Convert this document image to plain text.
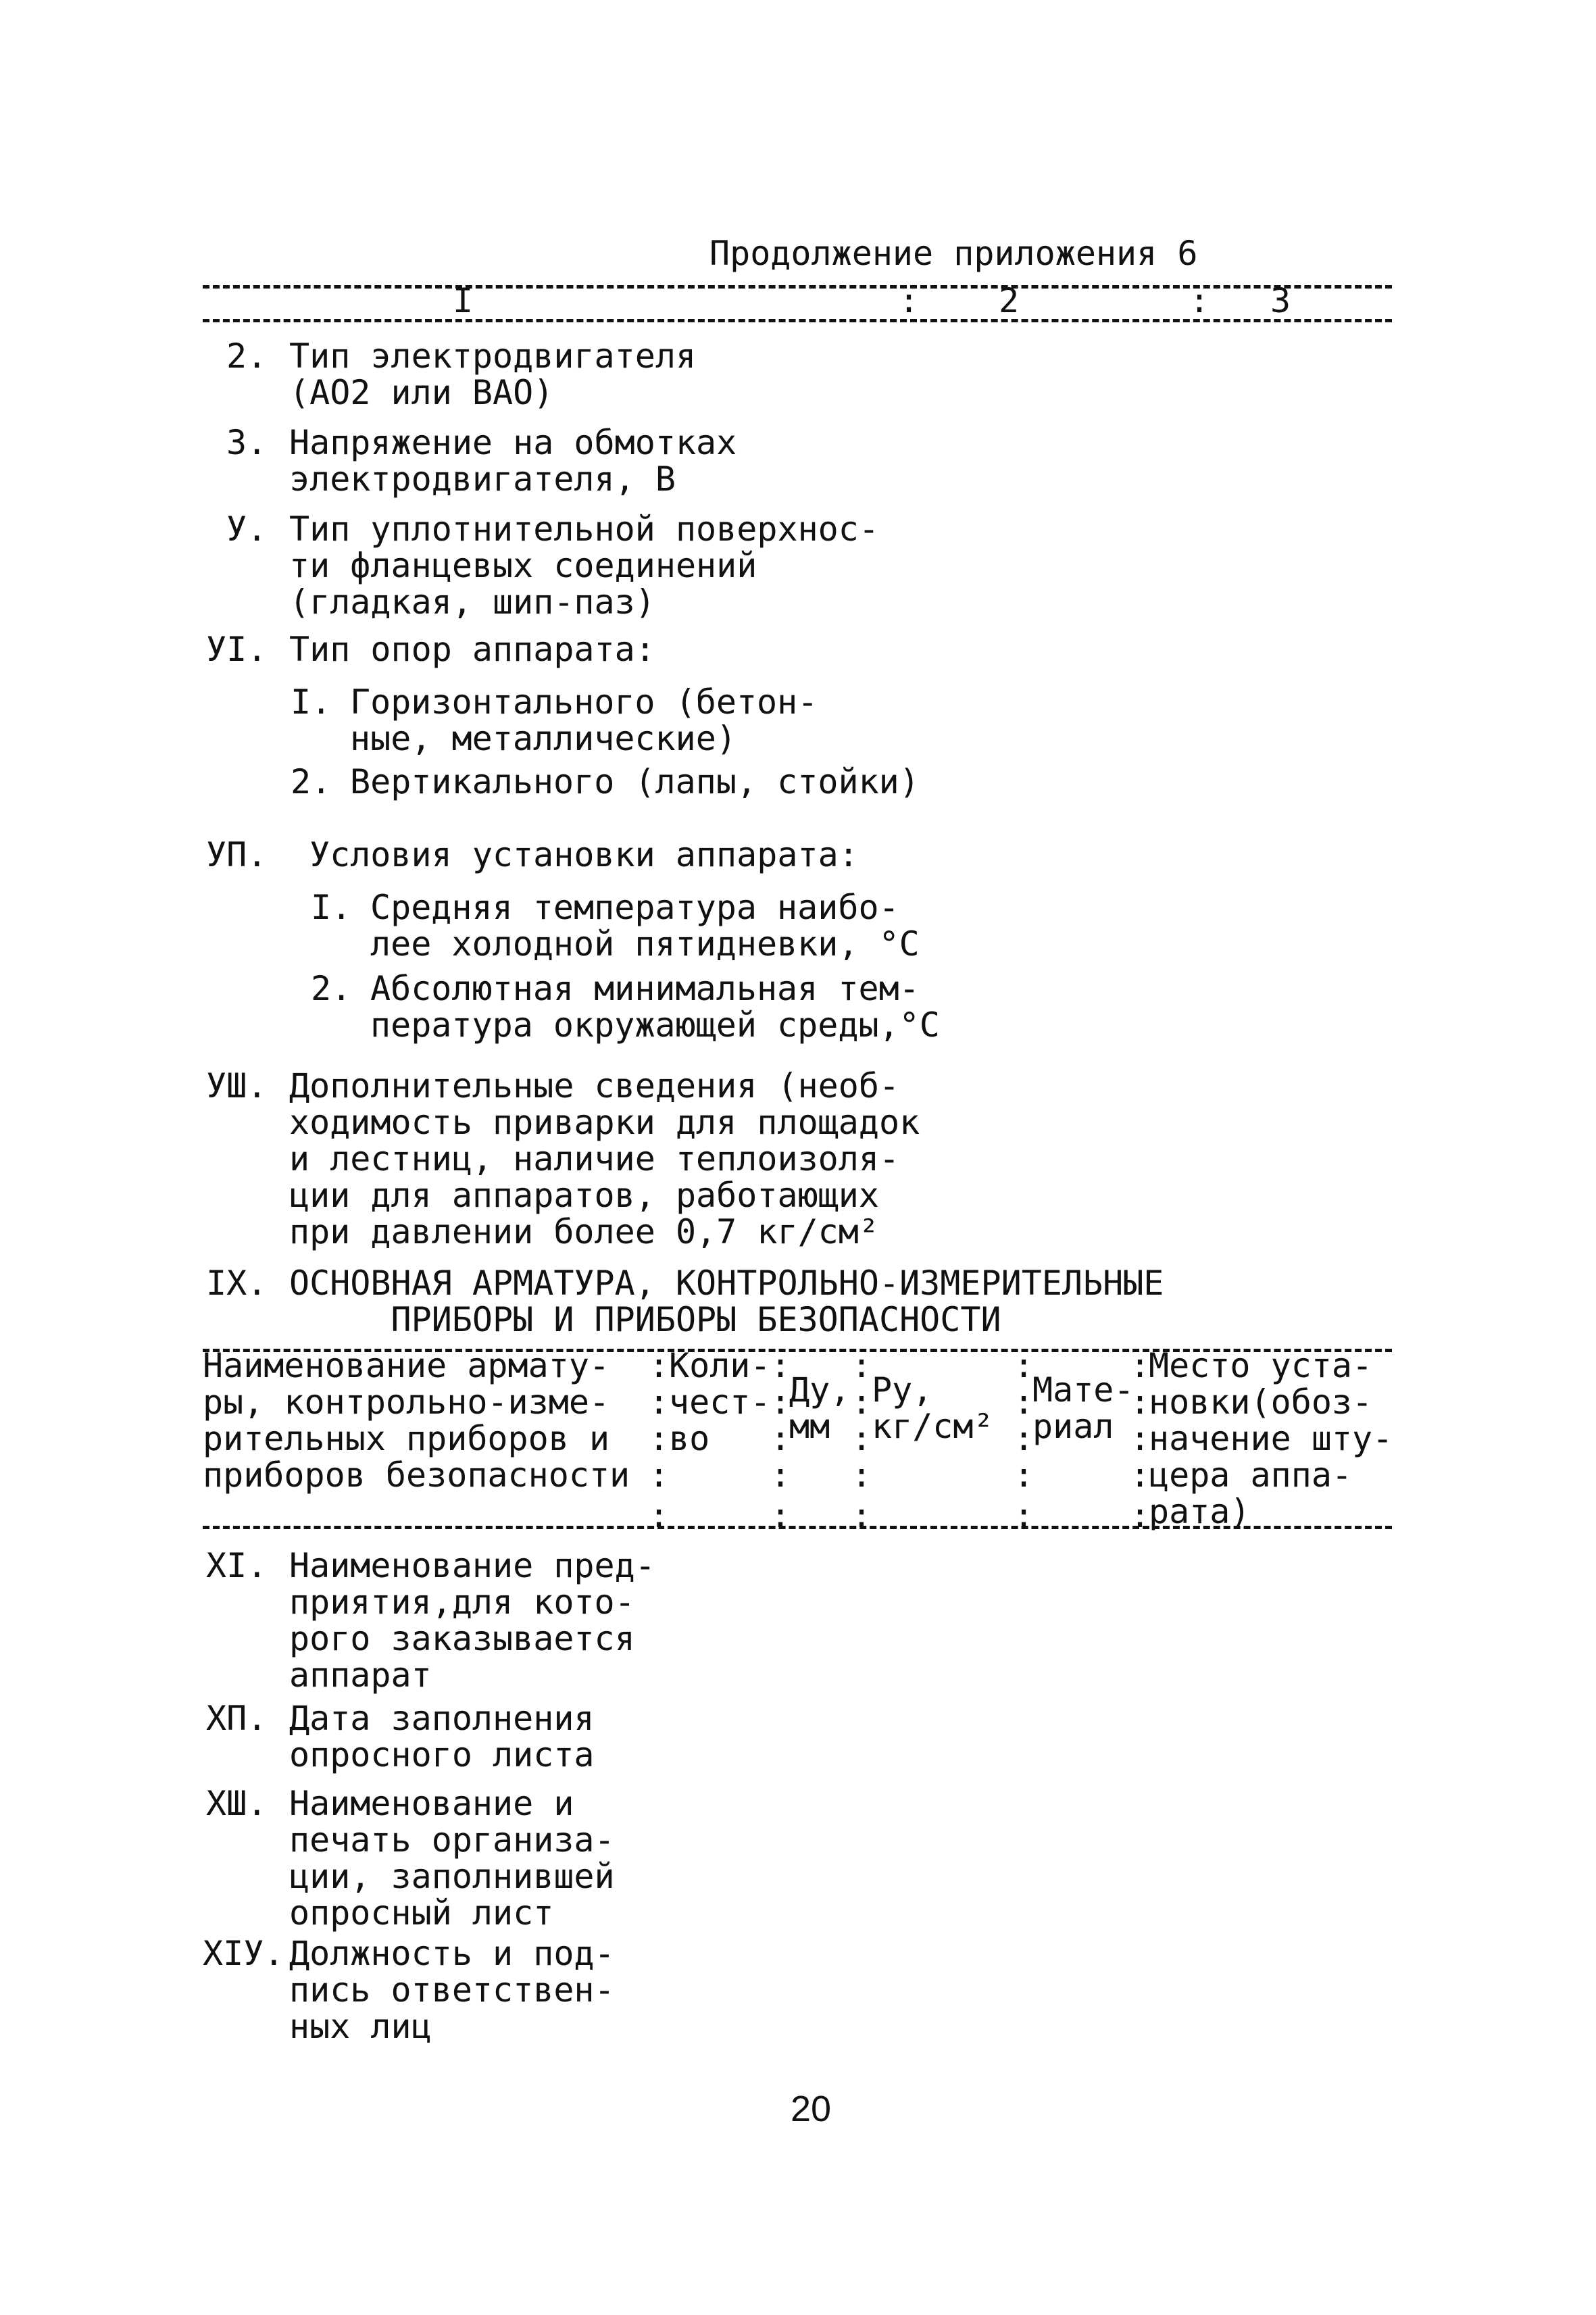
Продолжение приложения 6
I	: 2	: 3
2. Тип электродвигателя
(АО2 или ВАО)
3. Напряжение на обмотках
электродвигателя, В
У. Тип уплотнительной поверхнос-
ти фланцевых соединений
(гладкая, шип-паз)
УI. Тип опор аппарата:
I. Горизонтального (бетон-
ные, металлические)
2. Вертикального (лапы, стойки)
УП. Условия установки аппарата:
I. Средняя температура наибо-
лее холодной пятидневки, °С
2. Абсолютная минимальная тем-
пература окружающей среды,°С
УШ. Дополнительные сведения (необ-
ходимость приварки для площадок
и лестниц, наличие теплоизоля-
ции для аппаратов, работающих
при давлении более 0,7 кг/см²
IX. ОСНОВНАЯ АРМАТУРА, КОНТРОЛЬНО-ИЗМЕРИТЕЛЬНЫЕ
ПРИБОРЫ И ПРИБОРЫ БЕЗОПАСНОСТИ
Наименование армату-
ры, контрольно-изме-
рительных приборов и
приборов безопасности
:
:
:
:
:
Коли-
чест-
во
:
:
:
:
:
Ду,
мм
:
:
:
:
:
Ру,
кг/см²
:
:
:
:
:
Мате-
риал
:
:
:
:
:
Место уста-
новки(обоз-
начение шту-
цера аппа-
рата)
XI. Наименование пред-
приятия,для кото-
рого заказывается
аппарат
ХП. Дата заполнения
опросного листа
ХШ. Наименование и
печать организа-
ции, заполнившей
опросный лист
XIУ. Должность и под-
пись ответствен-
ных лиц
20
